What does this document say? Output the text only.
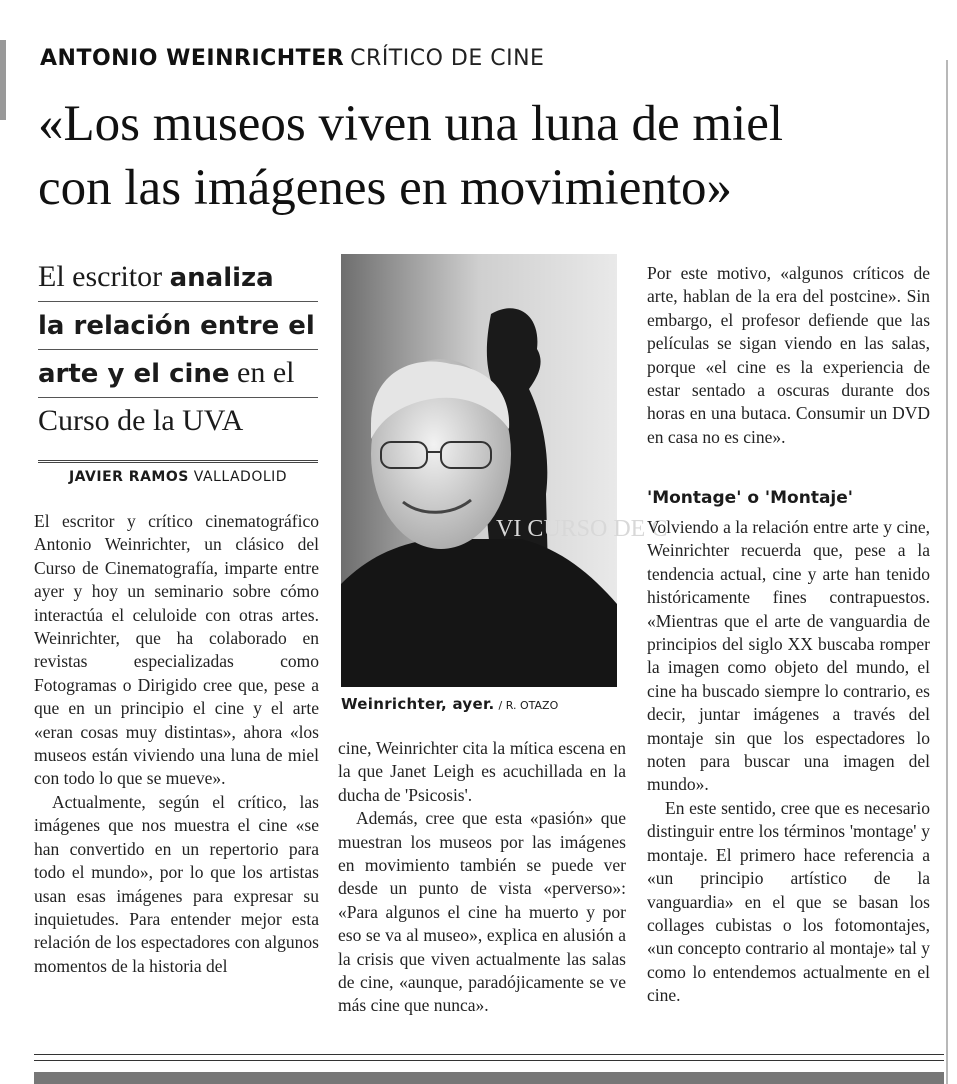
ANTONIO WEINRICHTER CRÍTICO DE CINE
«Los museos viven una luna de miel
con las imágenes en movimiento»
El escritor analiza
la relación entre el
arte y el cine en el
Curso de la UVA
JAVIER RAMOS VALLADOLID

El escritor y crítico cinematográfico Antonio Weinrichter, un clásico del Curso de Cinematografía, imparte entre ayer y hoy un seminario sobre cómo interactúa el celuloide con otras artes. Weinrichter, que ha colaborado en revistas especializadas como Fotogramas o Dirigido cree que, pese a que en un principio el cine y el arte «eran cosas muy distintas», ahora «los museos están viviendo una luna de miel con todo lo que se mueve».

Actualmente, según el crítico, las imágenes que nos muestra el cine «se han convertido en un repertorio para todo el mundo», por lo que los artistas usan esas imágenes para expresar su inquietudes. Para entender mejor esta relación de los espectadores con algunos momentos de la historia del

VI CURSO DE C
Weinrichter, ayer. / R. OTAZO

cine, Weinrichter cita la mítica escena en la que Janet Leigh es acuchillada en la ducha de 'Psicosis'.

Además, cree que esta «pasión» que muestran los museos por las imágenes en movimiento también se puede ver desde un punto de vista «perverso»: «Para algunos el cine ha muerto y por eso se va al museo», explica en alusión a la crisis que viven actualmente las salas de cine, «aunque, paradójicamente se ve más cine que nunca».

Por este motivo, «algunos críticos de arte, hablan de la era del postcine». Sin embargo, el profesor defiende que las películas se sigan viendo en las salas, porque «el cine es la experiencia de estar sentado a oscuras durante dos horas en una butaca. Consumir un DVD en casa no es cine».

'Montage' o 'Montaje'

Volviendo a la relación entre arte y cine, Weinrichter recuerda que, pese a la tendencia actual, cine y arte han tenido históricamente fines contrapuestos. «Mientras que el arte de vanguardia de principios del siglo XX buscaba romper la imagen como objeto del mundo, el cine ha buscado siempre lo contrario, es decir, juntar imágenes a través del montaje sin que los espectadores lo noten para buscar una imagen del mundo».

En este sentido, cree que es necesario distinguir entre los términos 'montage' y montaje. El primero hace referencia a «un principio artístico de la vanguardia» en el que se basan los collages cubistas o los fotomontajes, «un concepto contrario al montaje» tal y como lo entendemos actualmente en el cine.
